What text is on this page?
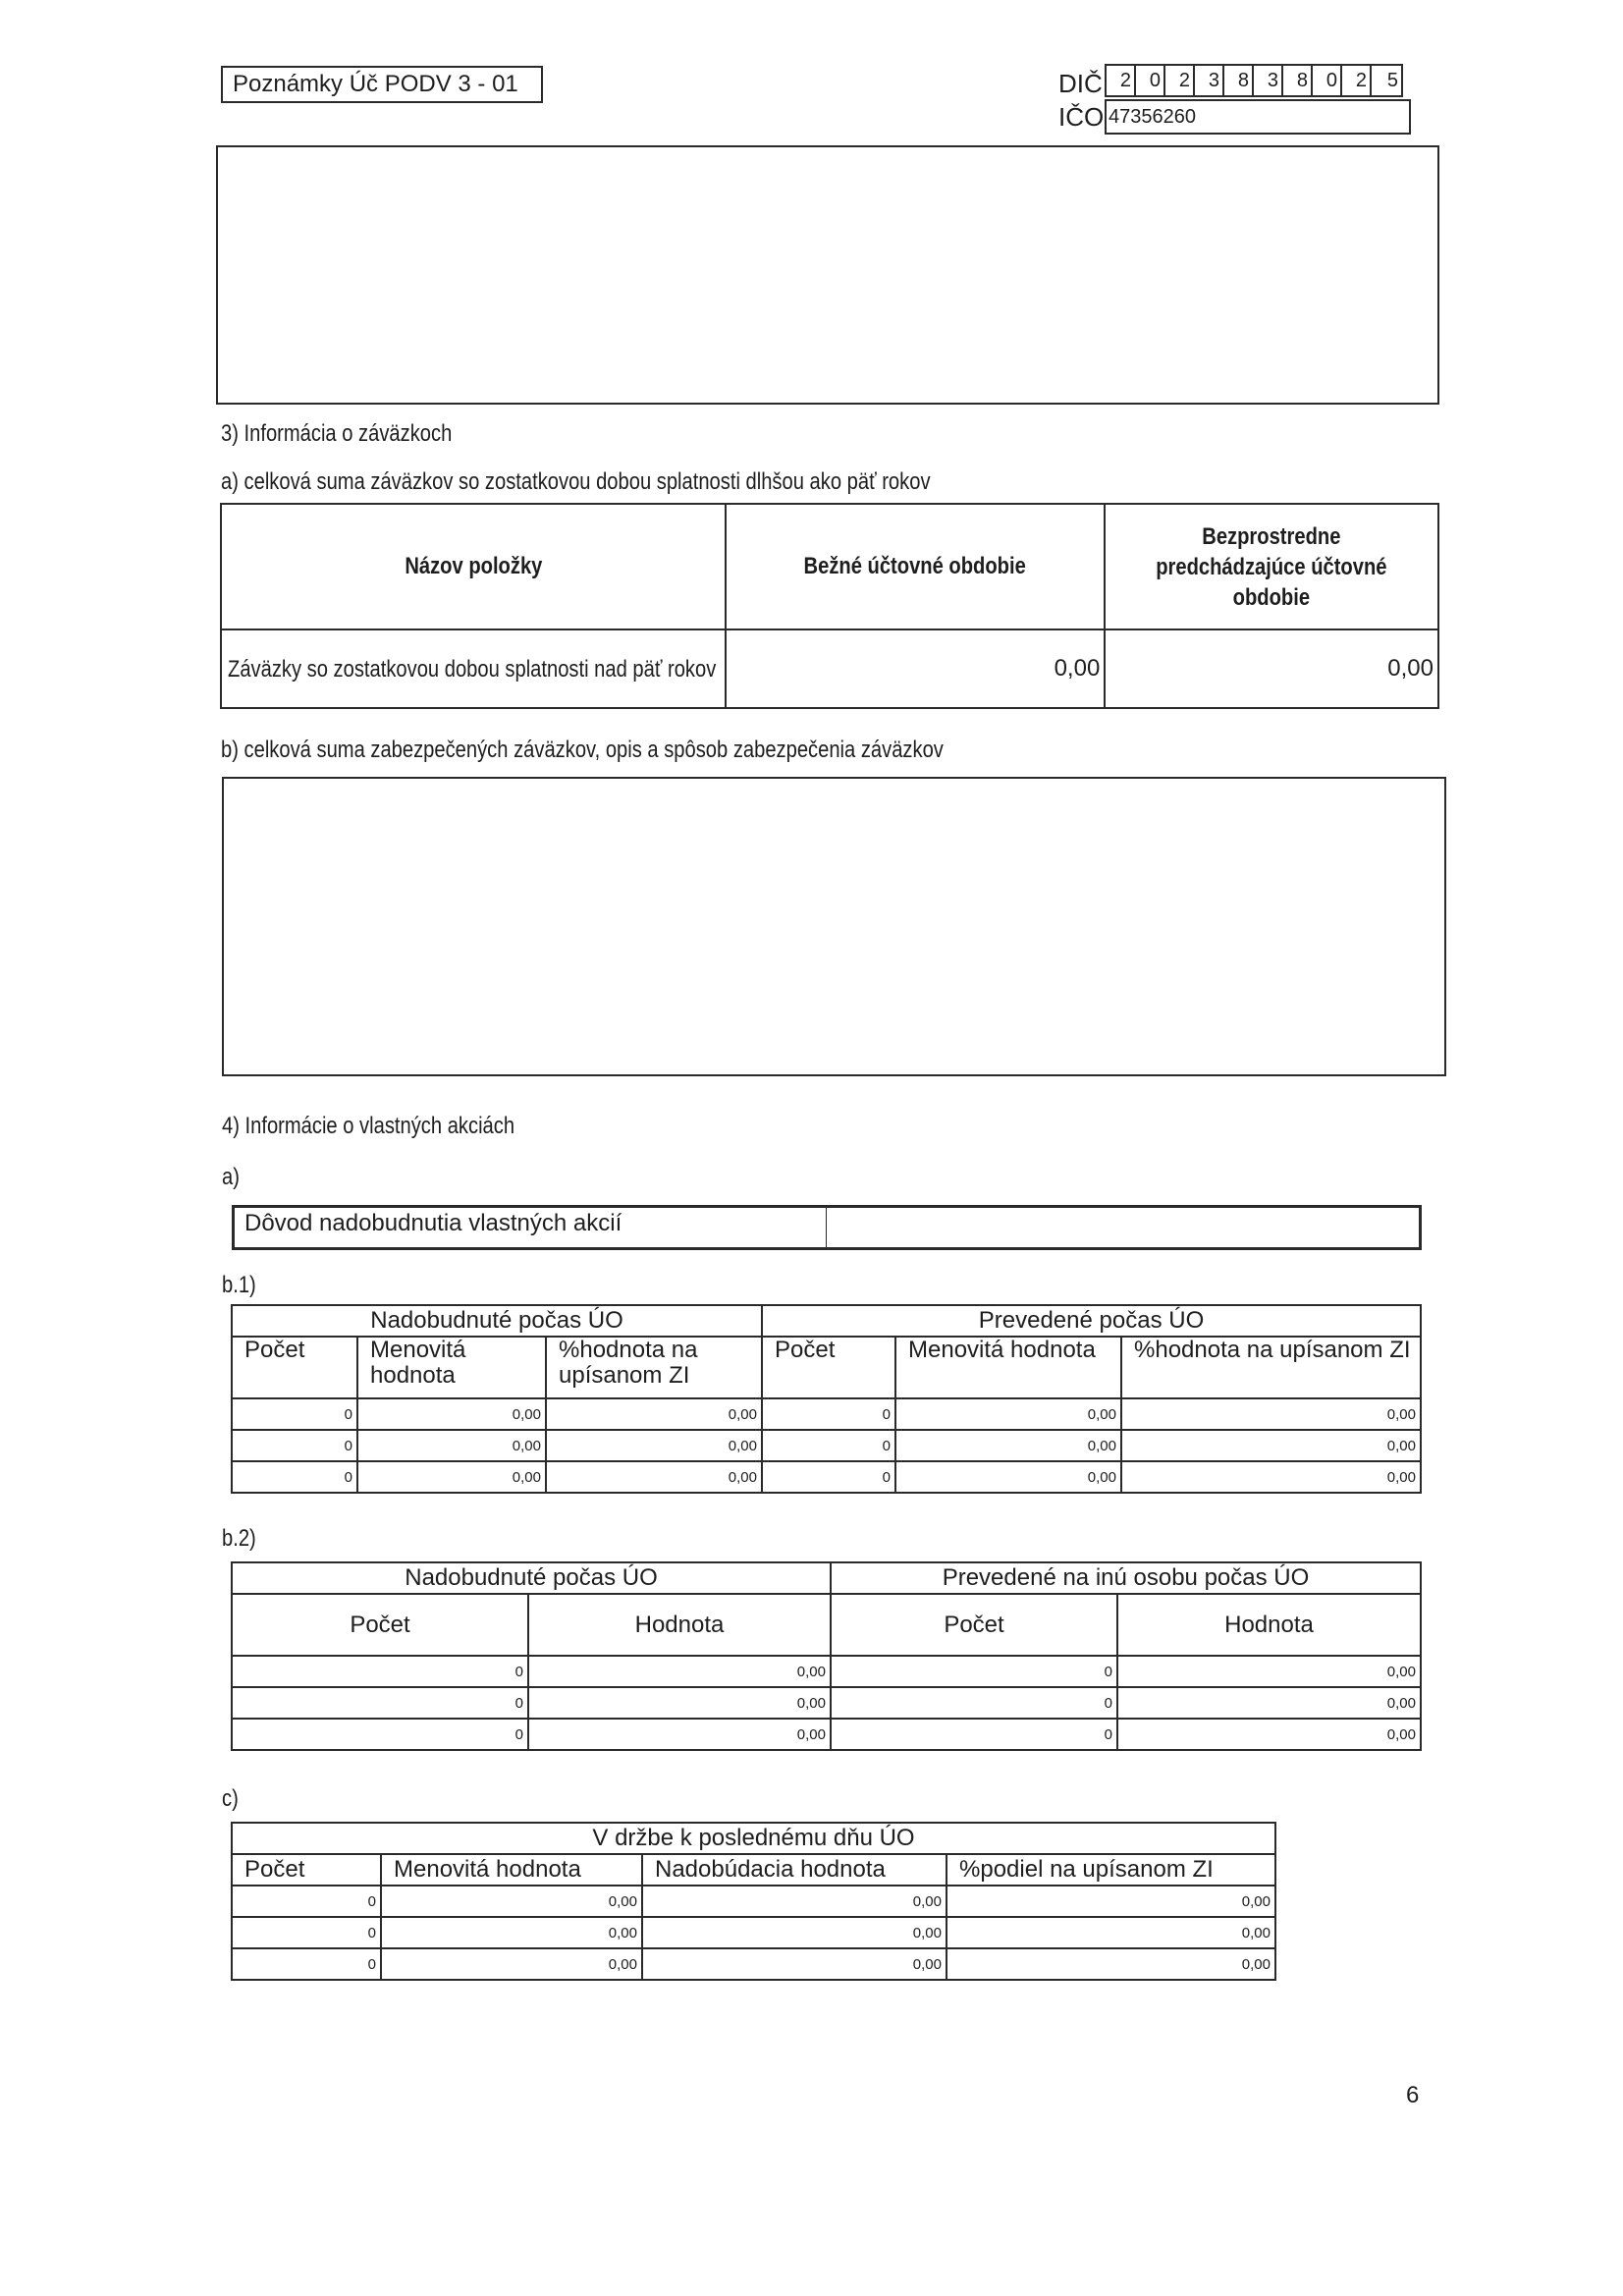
Poznámky Úč PODV 3 - 01	DIČ 2 0 2 3 8 3 8 0 2	5
IČO 47356260
3) Informácia o záväzkoch
a) celková suma záväzkov so zostatkovou dobou splatnosti dlhšou ako päť rokov
Názov položky	Bežné účtovné obdobie	Bezprostredne predchádzajúce účtovné obdobie
Záväzky so zostatkovou dobou splatnosti nad päť rokov	0,00	0,00
b) celková suma zabezpečených záväzkov, opis a spôsob zabezpečenia záväzkov
4) Informácie o vlastných akciách
a)
Dôvod nadobudnutia vlastných akcií	
b.1)
Nadobudnuté počas ÚO			Prevedené počas ÚO		
Počet	Menovitá hodnota	%hodnota na upísanom ZI	Počet	Menovitá hodnota	%hodnota na upísanom ZI
0	0,00	0,00	0	0,00	0,00
0	0,00	0,00	0	0,00	0,00
0	0,00	0,00	0	0,00	0,00
b.2)
Nadobudnuté počas ÚO		Prevedené na inú osobu počas ÚO	
Počet	Hodnota	Počet	Hodnota
0	0,00	0	0,00
0	0,00	0	0,00
0	0,00	0	0,00
c)
V držbe k poslednému dňu ÚO			
Počet	Menovitá hodnota	Nadobúdacia hodnota	%podiel na upísanom ZI
0	0,00	0,00	0,00
0	0,00	0,00	0,00
0	0,00	0,00	0,00
6
